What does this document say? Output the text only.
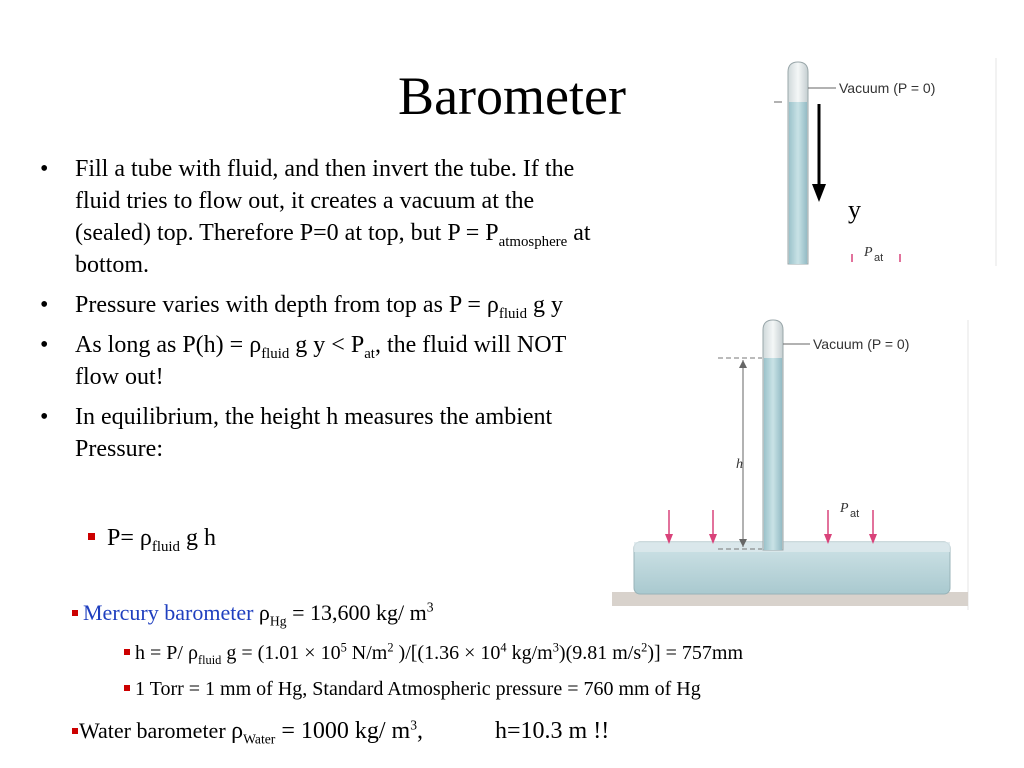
Barometer
• Fill a tube with fluid, and then invert the tube. If the fluid tries to flow out, it creates a vacuum at the (sealed) top. Therefore P=0 at top, but $P = P_{atmosphere}$ at bottom.
• Pressure varies with depth from top as $P = \rho_{fluid}$ g y
• As long as $P(h) = \rho_{fluid}$ g $y < P_{at}$, the fluid will NOT flow out!
• In equilibrium, the height h measures the ambient Pressure:
$P= \rho_{fluid}$ g h
Mercury barometer $\rho_{Hg} = 13,600$ kg/ $m^3$
h = P/ $\rho_{fluid}$ $g = (1.01 \times 10^5$ $N/m^2$ )$/[(1.36 \times 10^4$ $kg/m^3)(9.81$ $m/s^2)] = 757mm$
1 Torr = 1 mm of Hg, Standard Atmospheric pressure = 760 mm of Hg
Water barometer $\rho_{Water} = 1000$ kg/ $m^3$,	h=10.3 m !!
Vacuum (P = 0)
y
P at
Vacuum (P = 0)
h
P at
